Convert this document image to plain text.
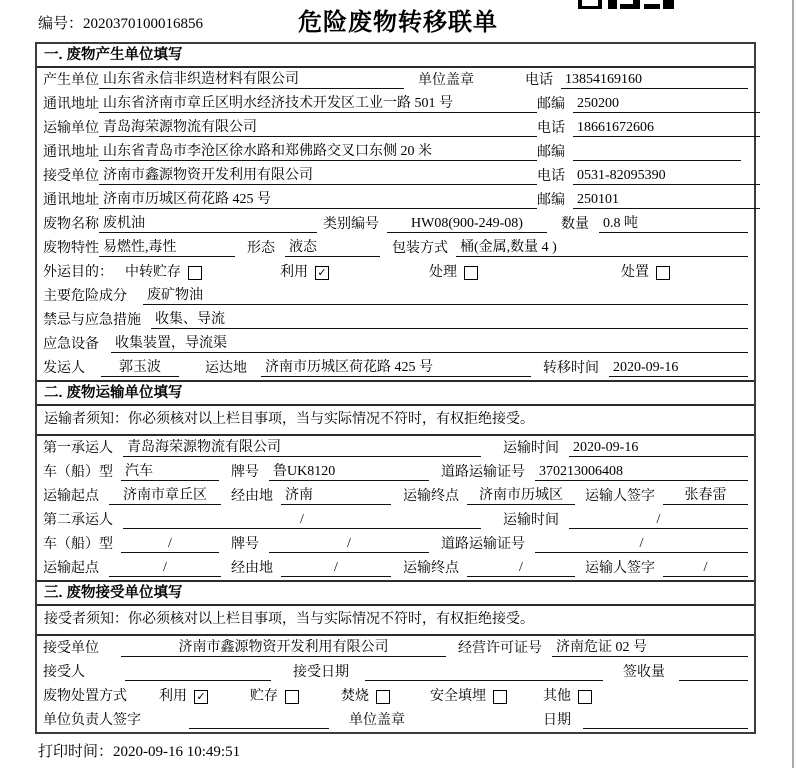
编号：2020370100016856	危险废物转移联单
一. 废物产生单位填写
产生单位 山东省永信非织造材料有限公司	单位盖章	电话 13854169160
通讯地址 山东省济南市章丘区明水经济技术开发区工业一路 501 号	邮编 250200
运输单位 青岛海荣源物流有限公司	电话 18661672606
通讯地址 山东省青岛市李沧区徐水路和郑佛路交叉口东侧 20 米	邮编
接受单位 济南市鑫源物资开发利用有限公司	电话 0531-82095390
通讯地址 济南市历城区荷花路 425 号	邮编 250101
废物名称 废机油	类别编号	HW08(900-249-08)	数量 0.8 吨
废物特性 易燃性,毒性	形态 液态	包装方式 桶(金属,数量 4 )
外运目的： 中转贮存	利用 ✓	处理	处置
主要危险成分 废矿物油
禁忌与应急措施 收集、导流
应急设备 收集装置，导流渠
发运人	郭玉波	运达地 济南市历城区荷花路 425 号	转移时间 2020-09-16
二. 废物运输单位填写
运输者须知：你必须核对以上栏目事项，当与实际情况不符时，有权拒绝接受。
第一承运人 青岛海荣源物流有限公司	运输时间 2020-09-16
车（船）型 汽车	牌号 鲁UK8120	道路运输证号 370213006408
运输起点	济南市章丘区	经由地 济南	运输终点	济南市历城区	运输人签字	张春雷
第二承运人	/	运输时间	/
车（船）型	/	牌号	/	道路运输证号	/
运输起点	/	经由地	/	运输终点	/	运输人签字	/
三. 废物接受单位填写
接受者须知：你必须核对以上栏目事项，当与实际情况不符时，有权拒绝接受。
接受单位	济南市鑫源物资开发利用有限公司	经营许可证号 济南危证 02 号
接受人	接受日期	签收量
废物处置方式 利用 ✓	贮存	焚烧	安全填埋	其他
单位负责人签字	单位盖章	日期
打印时间：2020-09-16 10:49:51
